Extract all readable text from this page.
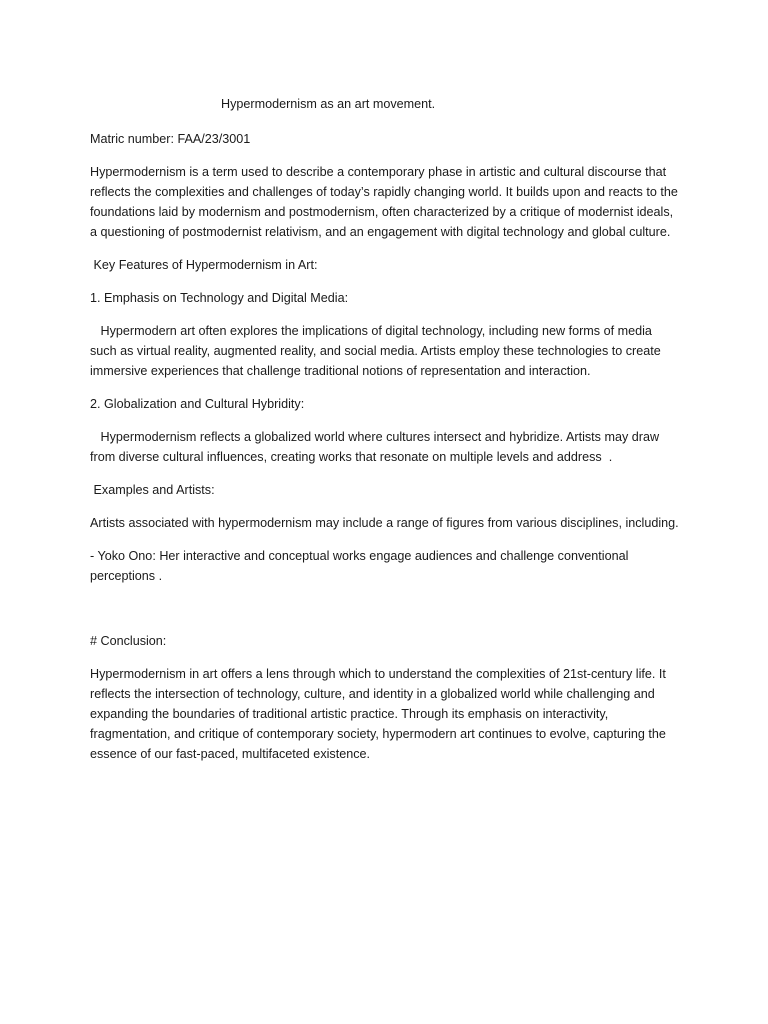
Hypermodernism as an art movement.

Matric number: FAA/23/3001

Hypermodernism is a term used to describe a contemporary phase in artistic and cultural discourse that reflects the complexities and challenges of today’s rapidly changing world. It builds upon and reacts to the foundations laid by modernism and postmodernism, often characterized by a critique of modernist ideals, a questioning of postmodernist relativism, and an engagement with digital technology and global culture.

Key Features of Hypermodernism in Art:

1. Emphasis on Technology and Digital Media:

Hypermodern art often explores the implications of digital technology, including new forms of media such as virtual reality, augmented reality, and social media. Artists employ these technologies to create immersive experiences that challenge traditional notions of representation and interaction.

2. Globalization and Cultural Hybridity:

Hypermodernism reflects a globalized world where cultures intersect and hybridize. Artists may draw from diverse cultural influences, creating works that resonate on multiple levels and address  .

Examples and Artists:

Artists associated with hypermodernism may include a range of figures from various disciplines, including.

- Yoko Ono: Her interactive and conceptual works engage audiences and challenge conventional perceptions .

# Conclusion:

Hypermodernism in art offers a lens through which to understand the complexities of 21st-century life. It reflects the intersection of technology, culture, and identity in a globalized world while challenging and expanding the boundaries of traditional artistic practice. Through its emphasis on interactivity, fragmentation, and critique of contemporary society, hypermodern art continues to evolve, capturing the essence of our fast-paced, multifaceted existence.
